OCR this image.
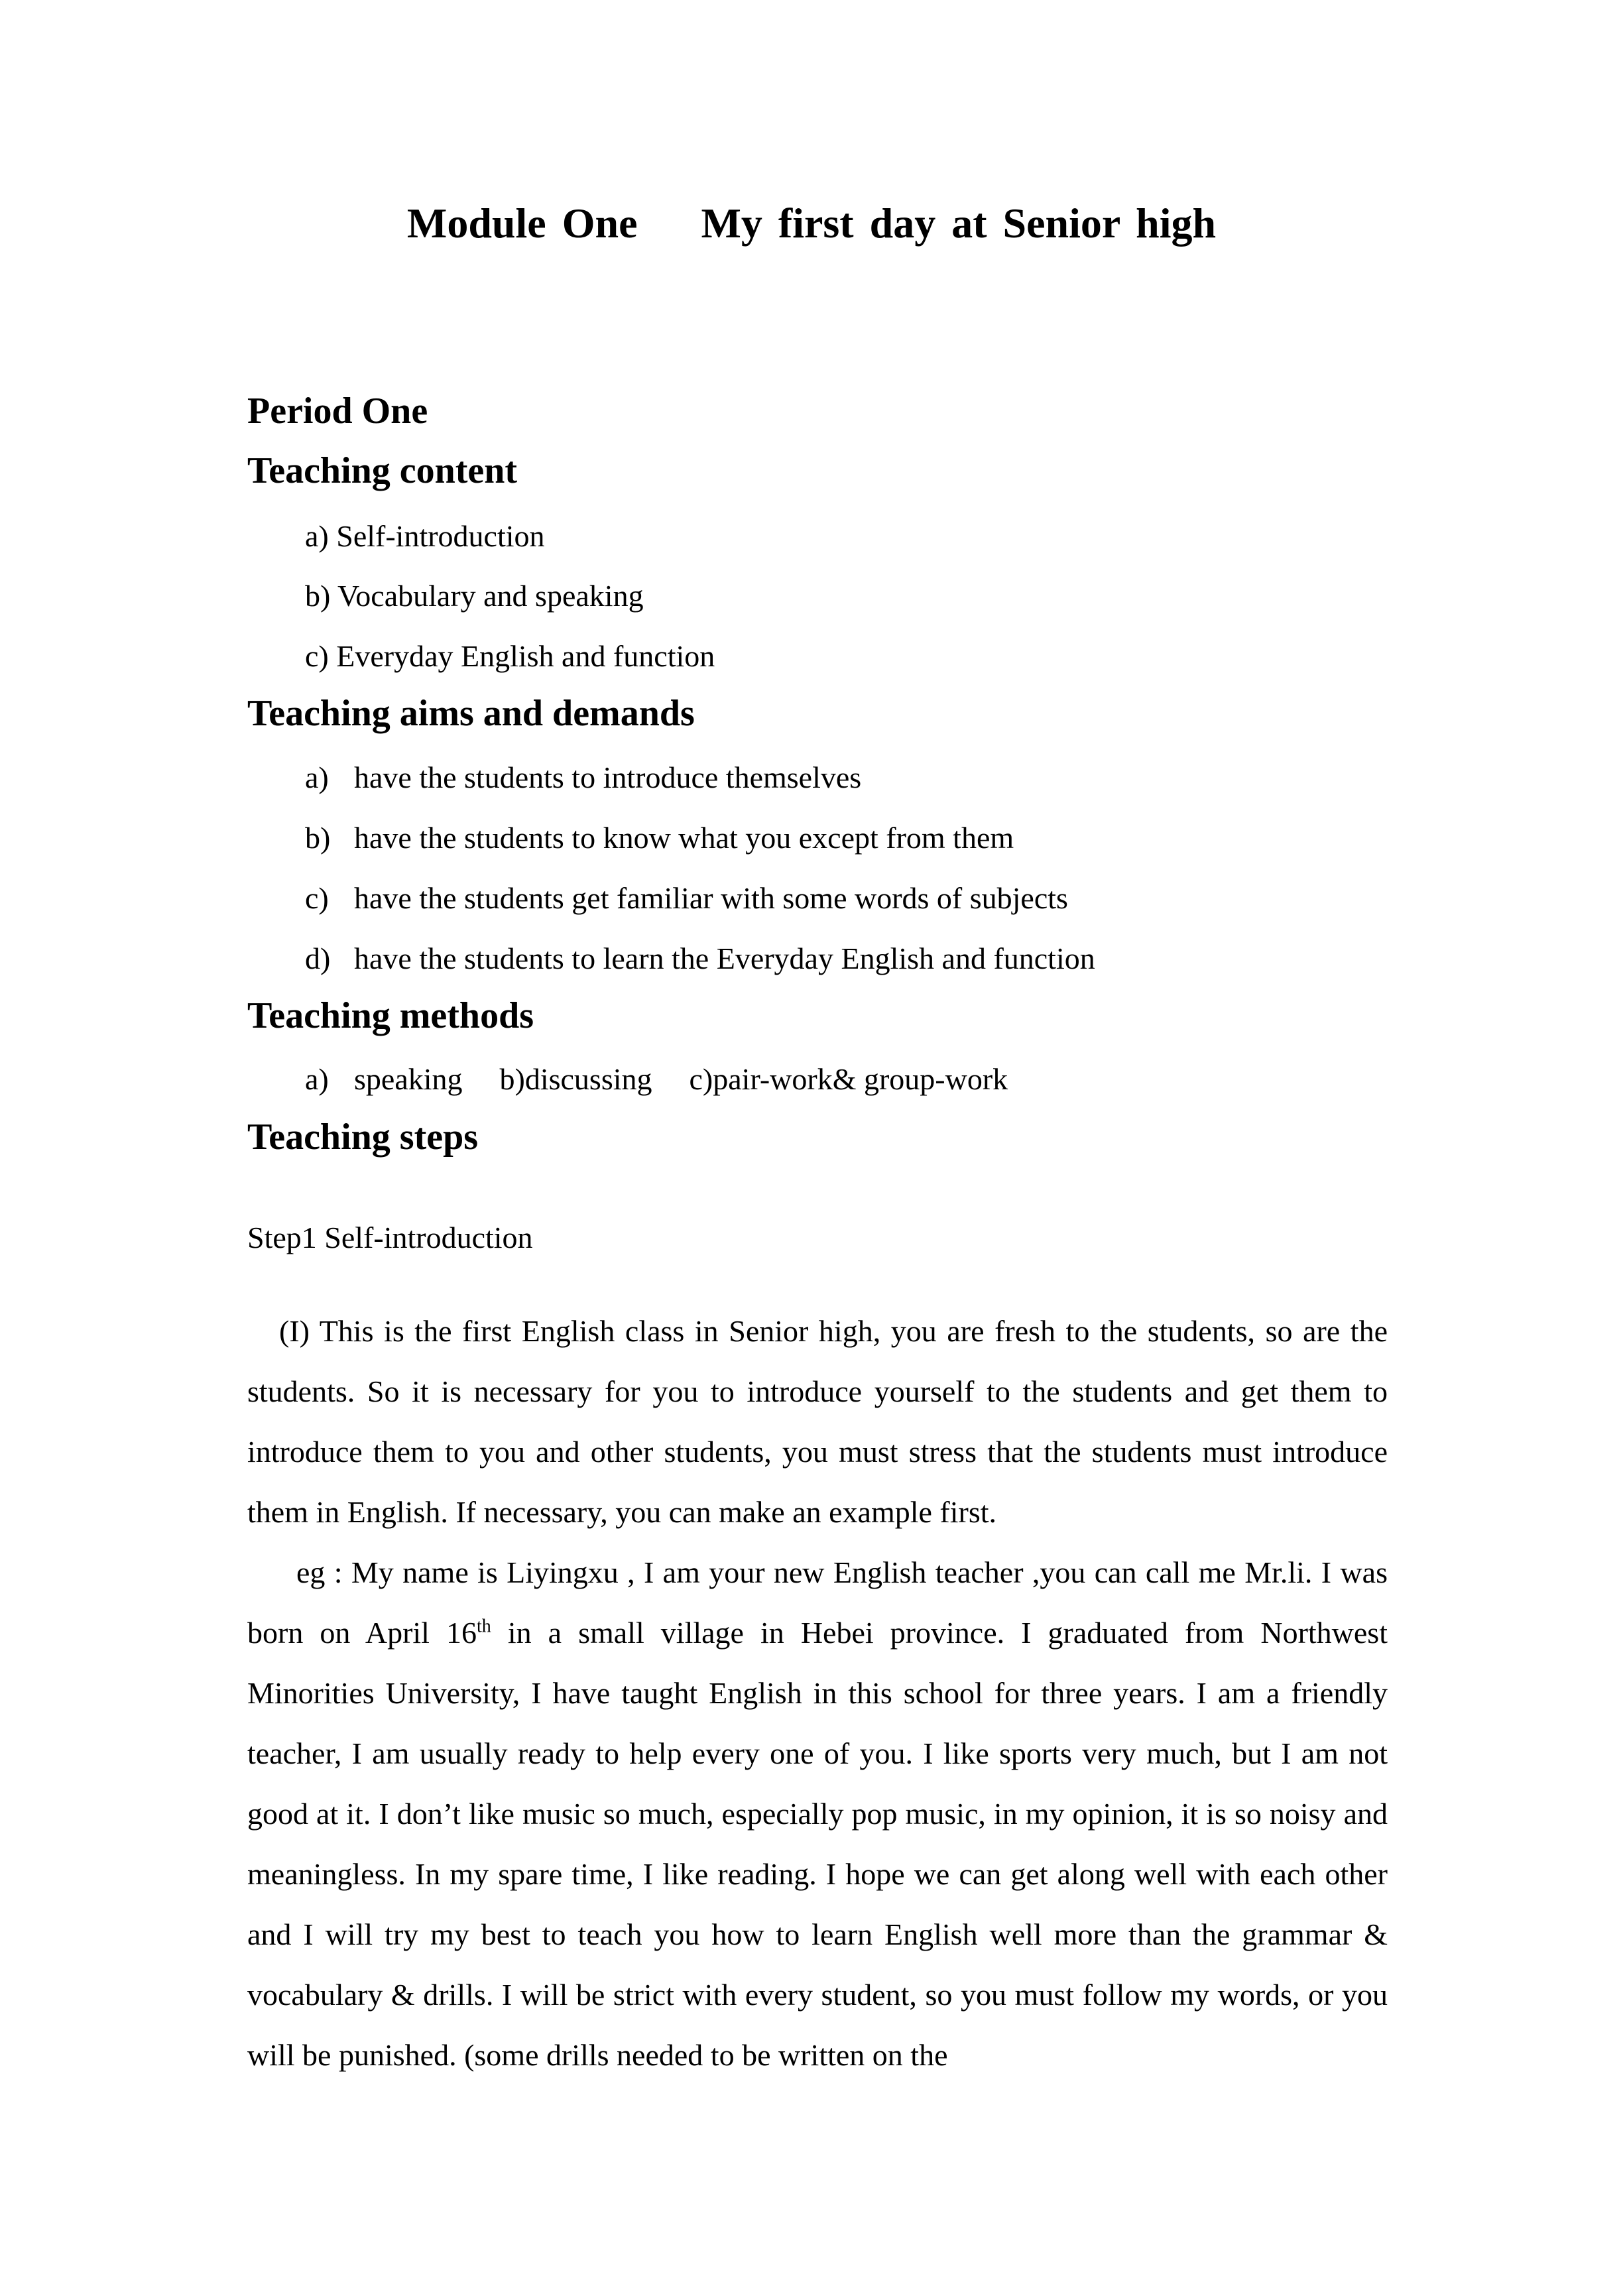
Module One    My first day at Senior high
Period One
Teaching content
a) Self-introduction
b) Vocabulary and speaking
c) Everyday English and function
Teaching aims and demands
a) have the students to introduce themselves
b) have the students to know what you except from them
c) have the students get familiar with some words of subjects
d) have the students to learn the Everyday English and function
Teaching methods
a) speaking b)discussing c)pair-work& group-work
Teaching steps
Step1 Self-introduction
(I) This is the first English class in Senior high, you are fresh to the students, so are the students. So it is necessary for you to introduce yourself to the students and get them to introduce them to you and other students, you must stress that the students must introduce them in English. If necessary, you can make an example first.
eg : My name is Liyingxu , I am your new English teacher ,you can call me Mr.li. I was born on April 16th in a small village in Hebei province. I graduated from Northwest Minorities University, I have taught English in this school for three years. I am a friendly teacher, I am usually ready to help every one of you. I like sports very much, but I am not good at it. I don’t like music so much, especially pop music, in my opinion, it is so noisy and meaningless. In my spare time, I like reading. I hope we can get along well with each other and I will try my best to teach you how to learn English well more than the grammar & vocabulary & drills. I will be strict with every student, so you must follow my words, or you will be punished. (some drills needed to be written on the
